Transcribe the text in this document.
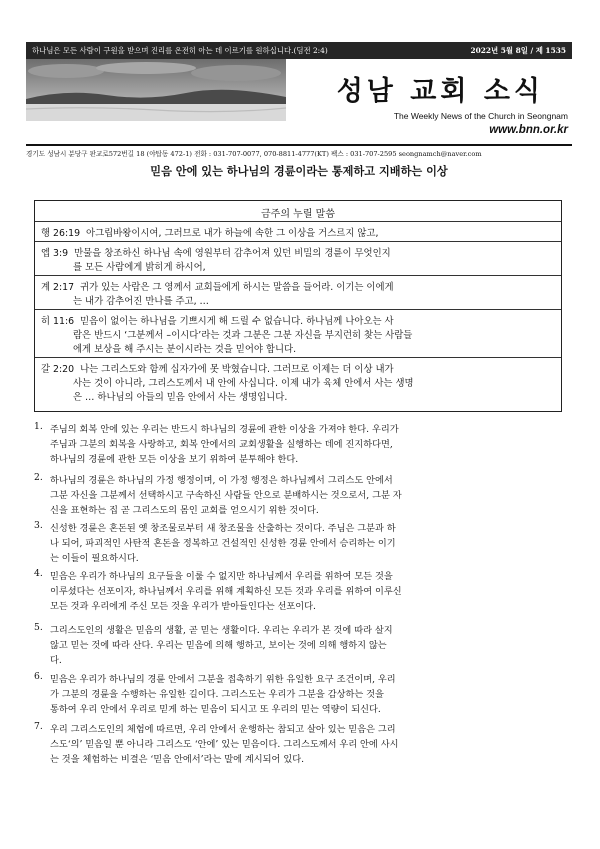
하나님은 모든 사람이 구원을 받으며 진리를 온전히 아는 데 이르기를 원하십니다.(딤전 2:4)	2022년 5월 8일 / 제 1535
성남 교회 소식
The Weekly News of the Church in Seongnam
www.bnn.or.kr
경기도 성남시 분당구 판교로572번길 18 (야탑동 472-1) 전화 : 031-707-0077, 070-8811-4777(KT) 팩스 : 031-707-2595 seongnamch@naver.com
믿음 안에 있는 하나님의 경륜이라는 통제하고 지배하는 이상
금주의 누릴 말씀
행 26:19 아그립바왕이시여, 그러므로 내가 하늘에 속한 그 이상을 거스르지 않고,
엡 3:9 만물을 창조하신 하나님 속에 영원부터 감추어져 있던 비밀의 경륜이 무엇인지
를 모든 사람에게 밝히게 하시어,
계 2:17 귀가 있는 사람은 그 영께서 교회들에게 하시는 말씀을 들어라. 이기는 이에게
는 내가 감추어진 만나를 주고, …
히 11:6 믿음이 없이는 하나님을 기쁘시게 해 드릴 수 없습니다. 하나님께 나아오는 사
람은 반드시 ‘그분께서 –이시다’라는 것과 그분은 그분 자신을 부지런히 찾는 사람들
에게 보상을 해 주시는 분이시라는 것을 믿어야 합니다.
갈 2:20 나는 그리스도와 함께 십자가에 못 박혔습니다. 그러므로 이제는 더 이상 내가
사는 것이 아니라, 그리스도께서 내 안에 사십니다. 이제 내가 육체 안에서 사는 생명
은 … 하나님의 아들의 믿음 안에서 사는 생명입니다.
1. 주님의 회복 안에 있는 우리는 반드시 하나님의 경륜에 관한 이상을 가져야 한다. 우리가
주님과 그분의 회복을 사랑하고, 회복 안에서의 교회생활을 실행하는 데에 진지하다면,
하나님의 경륜에 관한 모든 이상을 보기 위하여 분투해야 한다.
2. 하나님의 경륜은 하나님의 가정 행정이며, 이 가정 행정은 하나님께서 그리스도 안에서
그분 자신을 그분께서 선택하시고 구속하신 사람들 안으로 분배하시는 것으로서, 그분 자
신을 표현하는 집 곧 그리스도의 몸인 교회를 얻으시기 위한 것이다.
3. 신성한 경륜은 혼돈된 옛 창조물로부터 새 창조물을 산출하는 것이다. 주님은 그분과 하
나 되어, 파괴적인 사탄적 혼돈을 정복하고 건설적인 신성한 경륜 안에서 승리하는 이기
는 이들이 필요하시다.
4. 믿음은 우리가 하나님의 요구들을 이룰 수 없지만 하나님께서 우리를 위하여 모든 것을
이루셨다는 선포이자, 하나님께서 우리를 위해 계획하신 모든 것과 우리를 위하여 이루신
모든 것과 우리에게 주신 모든 것을 우리가 받아들인다는 선포이다.
5. 그리스도인의 생활은 믿음의 생활, 곧 믿는 생활이다. 우리는 우리가 본 것에 따라 살지
않고 믿는 것에 따라 산다. 우리는 믿음에 의해 행하고, 보이는 것에 의해 행하지 않는
다.
6. 믿음은 우리가 하나님의 경륜 안에서 그분을 접촉하기 위한 유일한 요구 조건이며, 우리
가 그분의 경륜을 수행하는 유일한 길이다. 그리스도는 우리가 그분을 감상하는 것을
통하여 우리 안에서 우리로 믿게 하는 믿음이 되시고 또 우리의 믿는 역량이 되신다.
7. 우리 그리스도인의 체험에 따르면, 우리 안에서 운행하는 참되고 살아 있는 믿음은 그리
스도‘의’ 믿음일 뿐 아니라 그리스도 ‘안에’ 있는 믿음이다. 그리스도께서 우리 안에 사시
는 것을 체험하는 비결은 ‘믿음 안에서’라는 말에 계시되어 있다.
